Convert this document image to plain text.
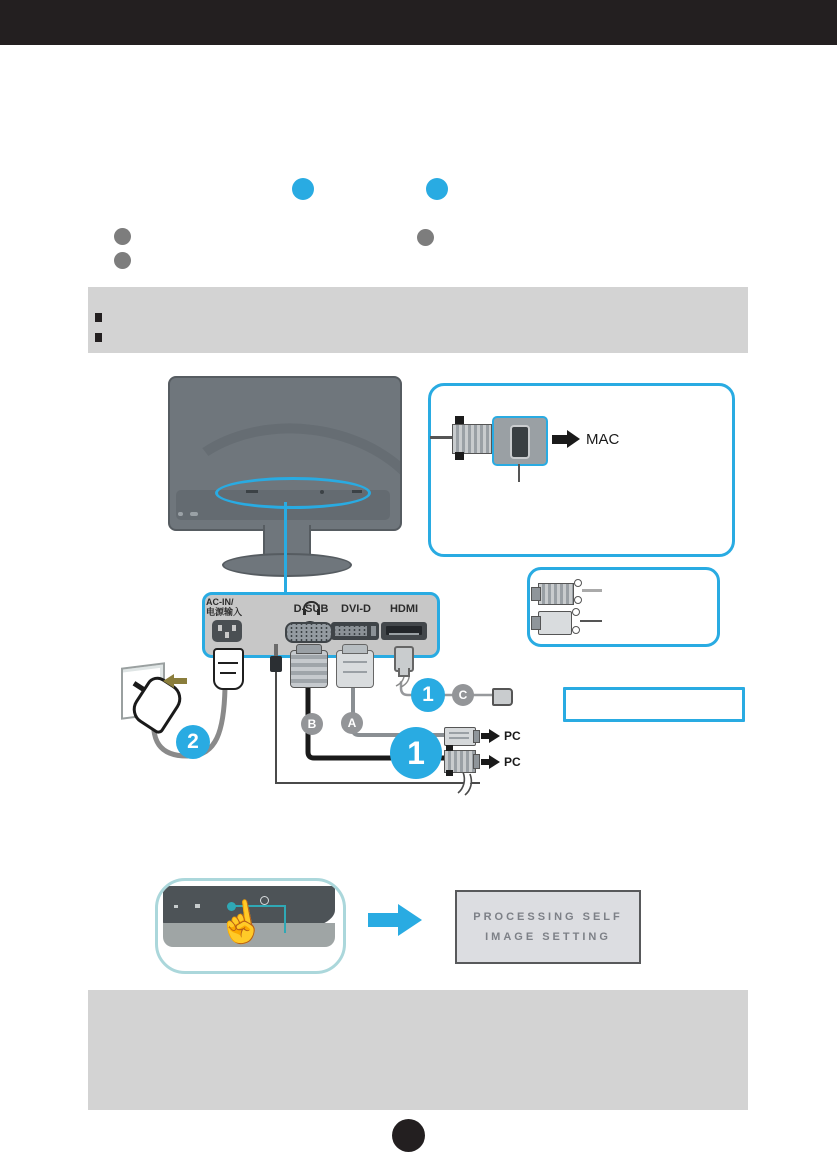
MAC
AC-IN/
电源输入	D-SUB	DVI-D	HDMI
PC
PC
B	A
C
2
1
1
☝	PROCESSING SELF
IMAGE SETTING
